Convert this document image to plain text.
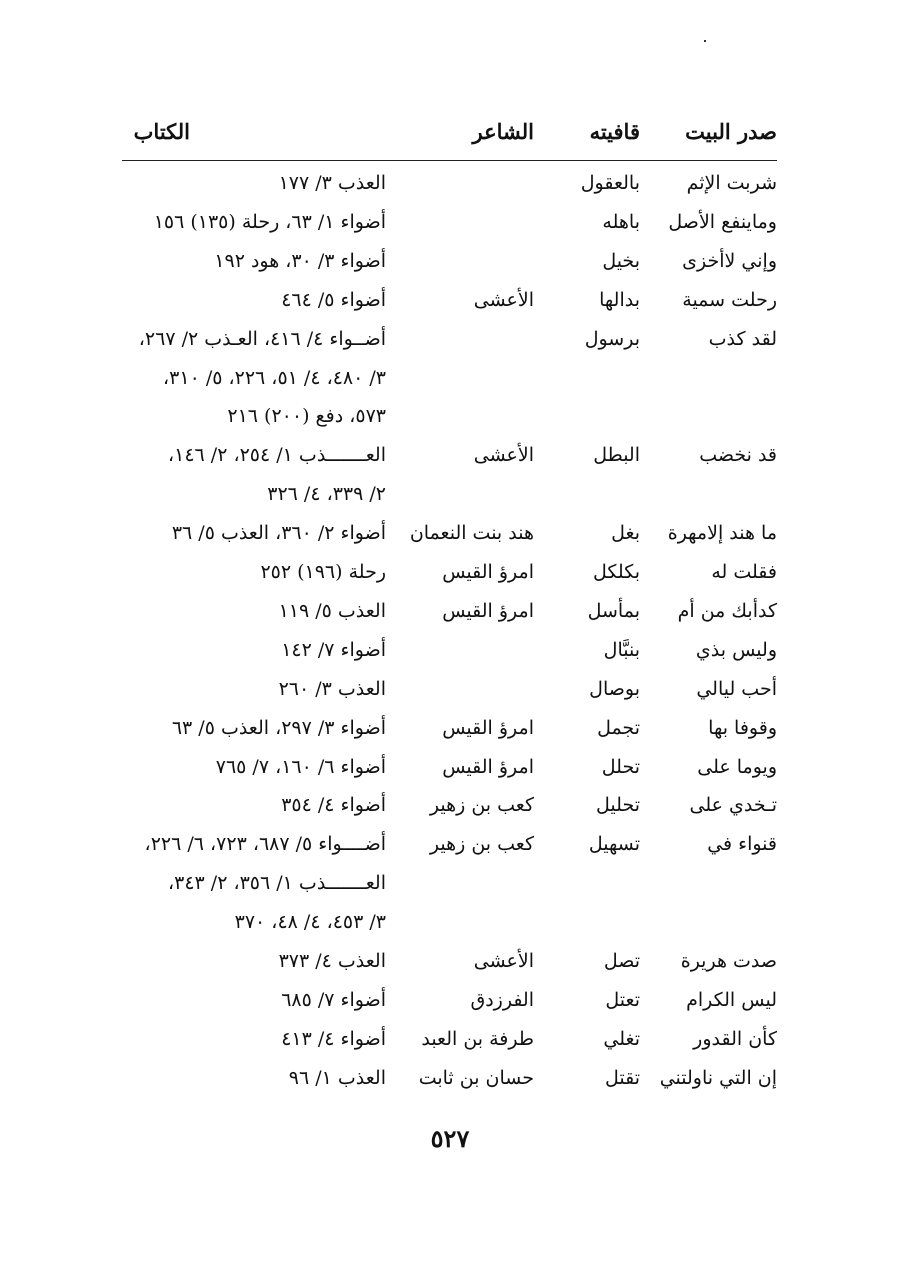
صدر البيت
قافيته
الشاعر
الكتاب
شربت الإثم
بالعقول
العذب ٣/ ١٧٧
وماينفع الأصل
باهله
أضواء ١/ ٦٣، رحلة (١٣٥) ١٥٦
وإني لاأخزى
بخيل
أضواء ٣/ ٣٠، هود ١٩٢
رحلت سمية
بدالها
الأعشى
أضواء ٥/ ٤٦٤
لقد كذب
برسول
أضــواء ٤/ ٤١٦، العـذب ٢/ ٢٦٧،
٣/ ٤٨٠، ٤/ ٥١، ٢٢٦، ٥/ ٣١٠،
٥٧٣، دفع (٢٠٠) ٢١٦
قد نخضب
البطل
الأعشى
العـــــــذب ١/ ٢٥٤، ٢/ ١٤٦،
٢/ ٣٣٩، ٤/ ٣٢٦
ما هند إلامهرة
بغل
هند بنت النعمان
أضواء ٢/ ٣٦٠، العذب ٥/ ٣٦
فقلت له
بكلكل
امرؤ القيس
رحلة (١٩٦) ٢٥٢
كدأبك من أم
بمأسل
امرؤ القيس
العذب ٥/ ١١٩
وليس بذي
بنبَّال
أضواء ٧/ ١٤٢
أحب ليالي
بوصال
العذب ٣/ ٢٦٠
وقوفا بها
تجمل
امرؤ القيس
أضواء ٣/ ٢٩٧، العذب ٥/ ٦٣
ويوما على
تحلل
امرؤ القيس
أضواء ٦/ ١٦٠، ٧/ ٧٦٥
تـخدي على
تحليل
كعب بن زهير
أضواء ٤/ ٣٥٤
قنواء في
تسهيل
كعب بن زهير
أضــــواء ٥/ ٦٨٧، ٧٢٣، ٦/ ٢٢٦،
العـــــــذب ١/ ٣٥٦، ٢/ ٣٤٣،
٣/ ٤٥٣، ٤/ ٤٨، ٣٧٠
صدت هريرة
تصل
الأعشى
العذب ٤/ ٣٧٣
ليس الكرام
تعتل
الفرزدق
أضواء ٧/ ٦٨٥
كأن القدور
تغلي
طرفة بن العبد
أضواء ٤/ ٤١٣
إن التي ناولتني
تقتل
حسان بن ثابت
العذب ١/ ٩٦
٥٢٧
